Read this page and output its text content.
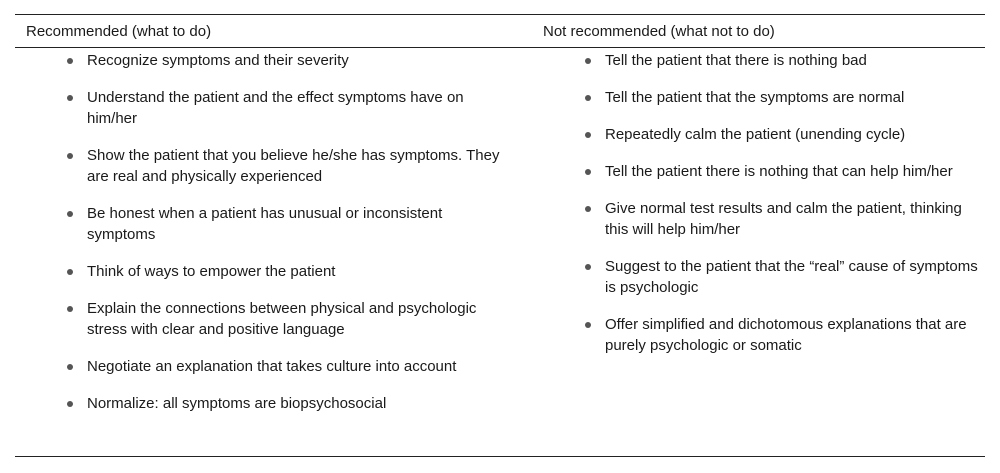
Recommended (what to do)	Not recommended (what not to do)
Recognize symptoms and their severity
Understand the patient and the effect symptoms have on him/her
Show the patient that you believe he/she has symptoms. They are real and physically experienced
Be honest when a patient has unusual or inconsistent symptoms
Think of ways to empower the patient
Explain the connections between physical and psychologic stress with clear and positive language
Negotiate an explanation that takes culture into account
Normalize: all symptoms are biopsychosocial
Tell the patient that there is nothing bad
Tell the patient that the symptoms are normal
Repeatedly calm the patient (unending cycle)
Tell the patient there is nothing that can help him/her
Give normal test results and calm the patient, thinking this will help him/her
Suggest to the patient that the “real” cause of symptoms is psychologic
Offer simplified and dichotomous explanations that are purely psychologic or somatic
